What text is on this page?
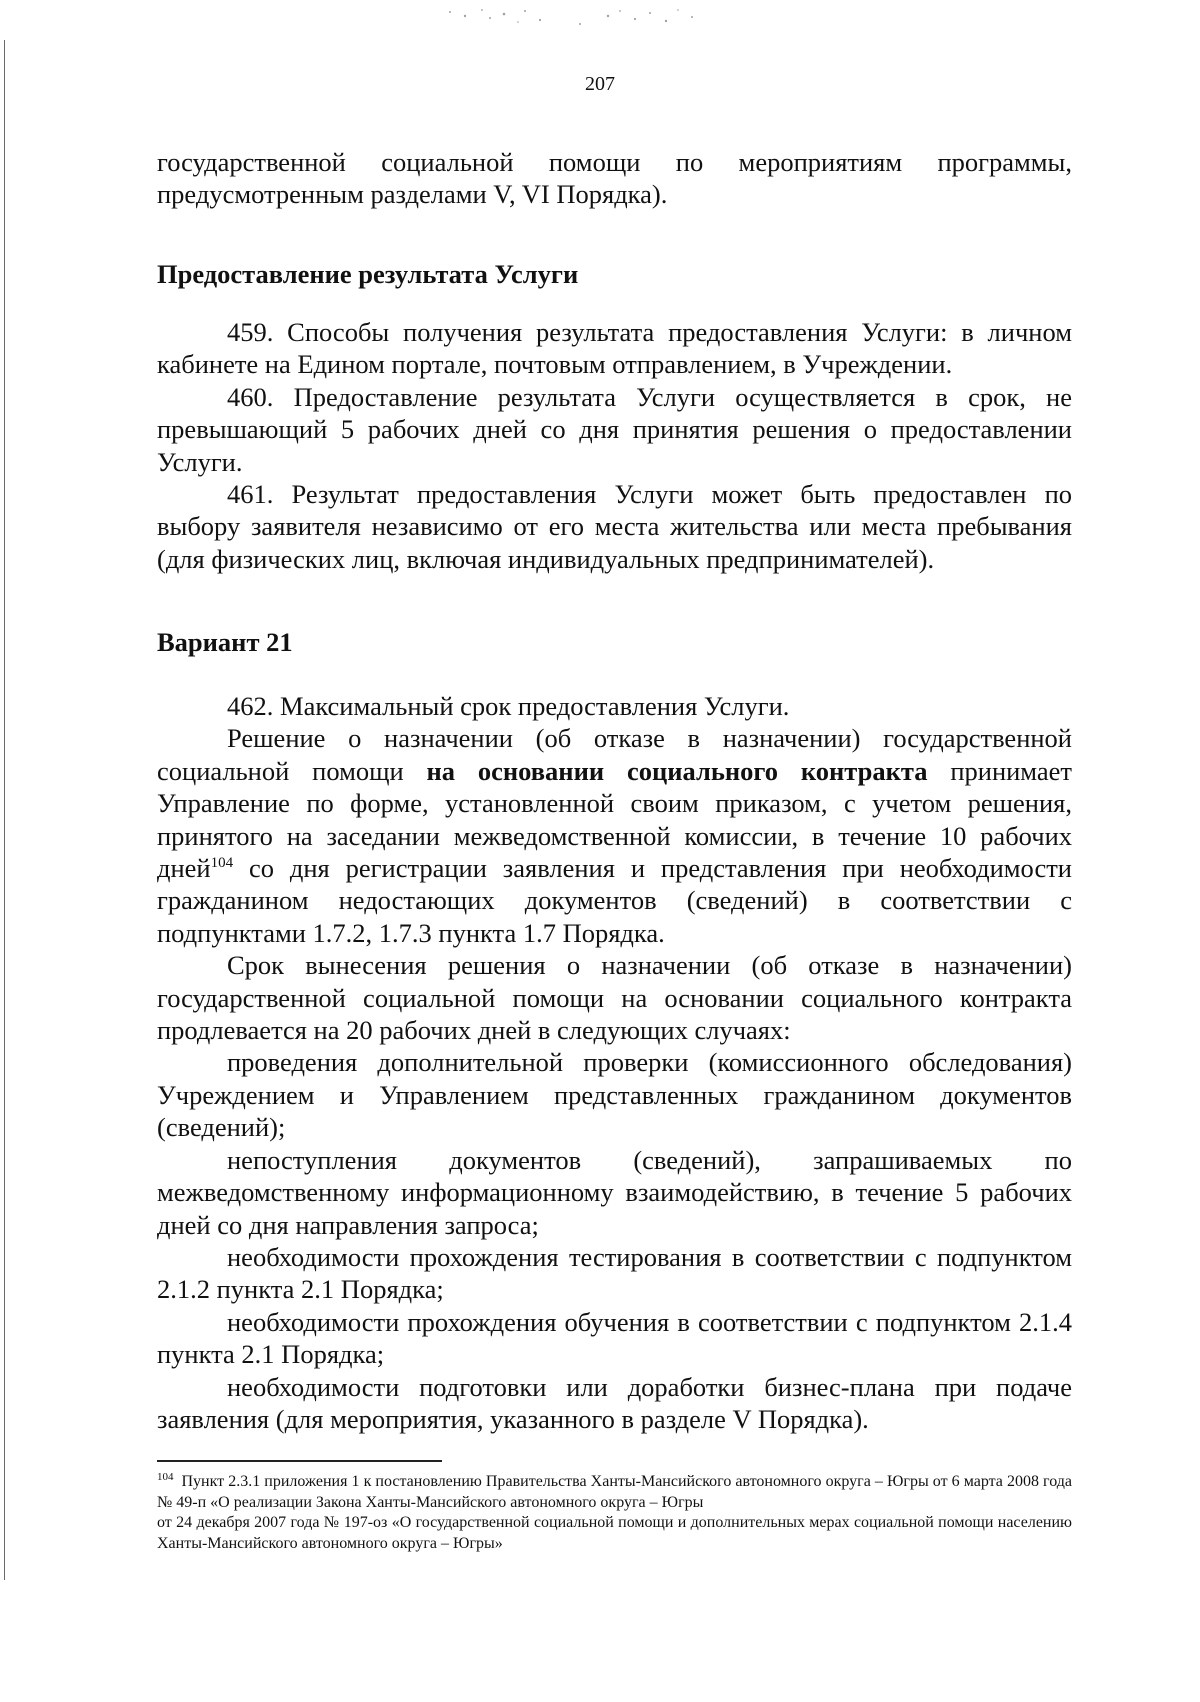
207

государственной социальной помощи по мероприятиям программы, предусмотренным разделами V, VI Порядка).

Предоставление результата Услуги

459. Способы получения результата предоставления Услуги: в личном кабинете на Едином портале, почтовым отправлением, в Учреждении.

460. Предоставление результата Услуги осуществляется в срок, не превышающий 5 рабочих дней со дня принятия решения о предоставлении Услуги.

461. Результат предоставления Услуги может быть предоставлен по выбору заявителя независимо от его места жительства или места пребывания (для физических лиц, включая индивидуальных предпринимателей).

Вариант 21

462. Максимальный срок предоставления Услуги.

Решение о назначении (об отказе в назначении) государственной социальной помощи на основании социального контракта принимает Управление по форме, установленной своим приказом, с учетом решения, принятого на заседании межведомственной комиссии, в течение 10 рабочих дней$^{104}$ со дня регистрации заявления и представления при необходимости гражданином недостающих документов (сведений) в соответствии с подпунктами 1.7.2, 1.7.3 пункта 1.7 Порядка.

Срок вынесения решения о назначении (об отказе в назначении) государственной социальной помощи на основании социального контракта продлевается на 20 рабочих дней в следующих случаях:

проведения дополнительной проверки (комиссионного обследования) Учреждением и Управлением представленных гражданином документов (сведений);

непоступления документов (сведений), запрашиваемых по межведомственному информационному взаимодействию, в течение 5 рабочих дней со дня направления запроса;

необходимости прохождения тестирования в соответствии с подпунктом 2.1.2 пункта 2.1 Порядка;

необходимости прохождения обучения в соответствии с подпунктом 2.1.4 пункта 2.1 Порядка;

необходимости подготовки или доработки бизнес-плана при подаче заявления (для мероприятия, указанного в разделе V Порядка).

$^{104}$ Пункт 2.3.1 приложения 1 к постановлению Правительства Ханты-Мансийского автономного округа – Югры от 6 марта 2008 года № 49-п «О реализации Закона Ханты-Мансийского автономного округа – Югры

от 24 декабря 2007 года № 197-оз «О государственной социальной помощи и дополнительных мерах социальной помощи населению Ханты-Мансийского автономного округа – Югры»
